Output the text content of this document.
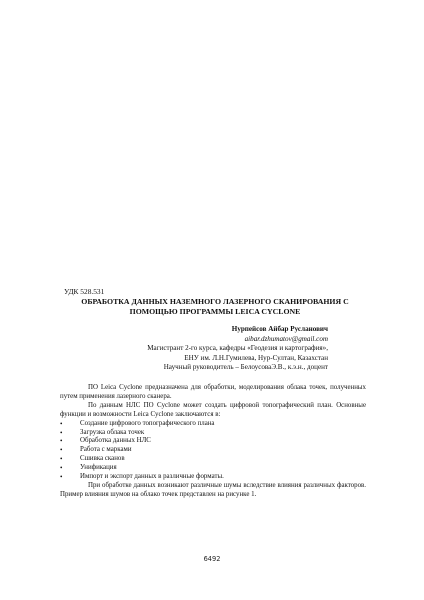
УДК 528.531
ОБРАБОТКА ДАННЫХ НАЗЕМНОГО ЛАЗЕРНОГО СКАНИРОВАНИЯ С ПОМОЩЬЮ ПРОГРАММЫ LEICA CYCLONE
Нурпейсов Айбар Русланович
aibar.dzhumatov@gmail.com
Магистрант 2-го курса, кафедры «Геодезия и картография»,
ЕНУ им. Л.Н.Гумилева, Нур-Султан, Казахстан
Научный руководитель – БелоусоваЭ.В., к.э.н., доцент

ПО Leica Cyclone предназначена для обработки, моделирования облака точек, полученных путем применения лазерного сканера.

По данным НЛС ПО Cyclone может создать цифровой топографический план. Основные функции и возможности Leica Cyclone заключаются в:

• Создание цифрового топографического плана
• Загрузка облака точек
• Обработка данных НЛС
• Работа с марками
• Сшивка сканов
• Унификация
• Импорт и экспорт данных в различные форматы.

При обработке данных возникают различные шумы вследствие влияния различных факторов. Пример влияния шумов на облако точек представлен на рисунке 1.

6492
